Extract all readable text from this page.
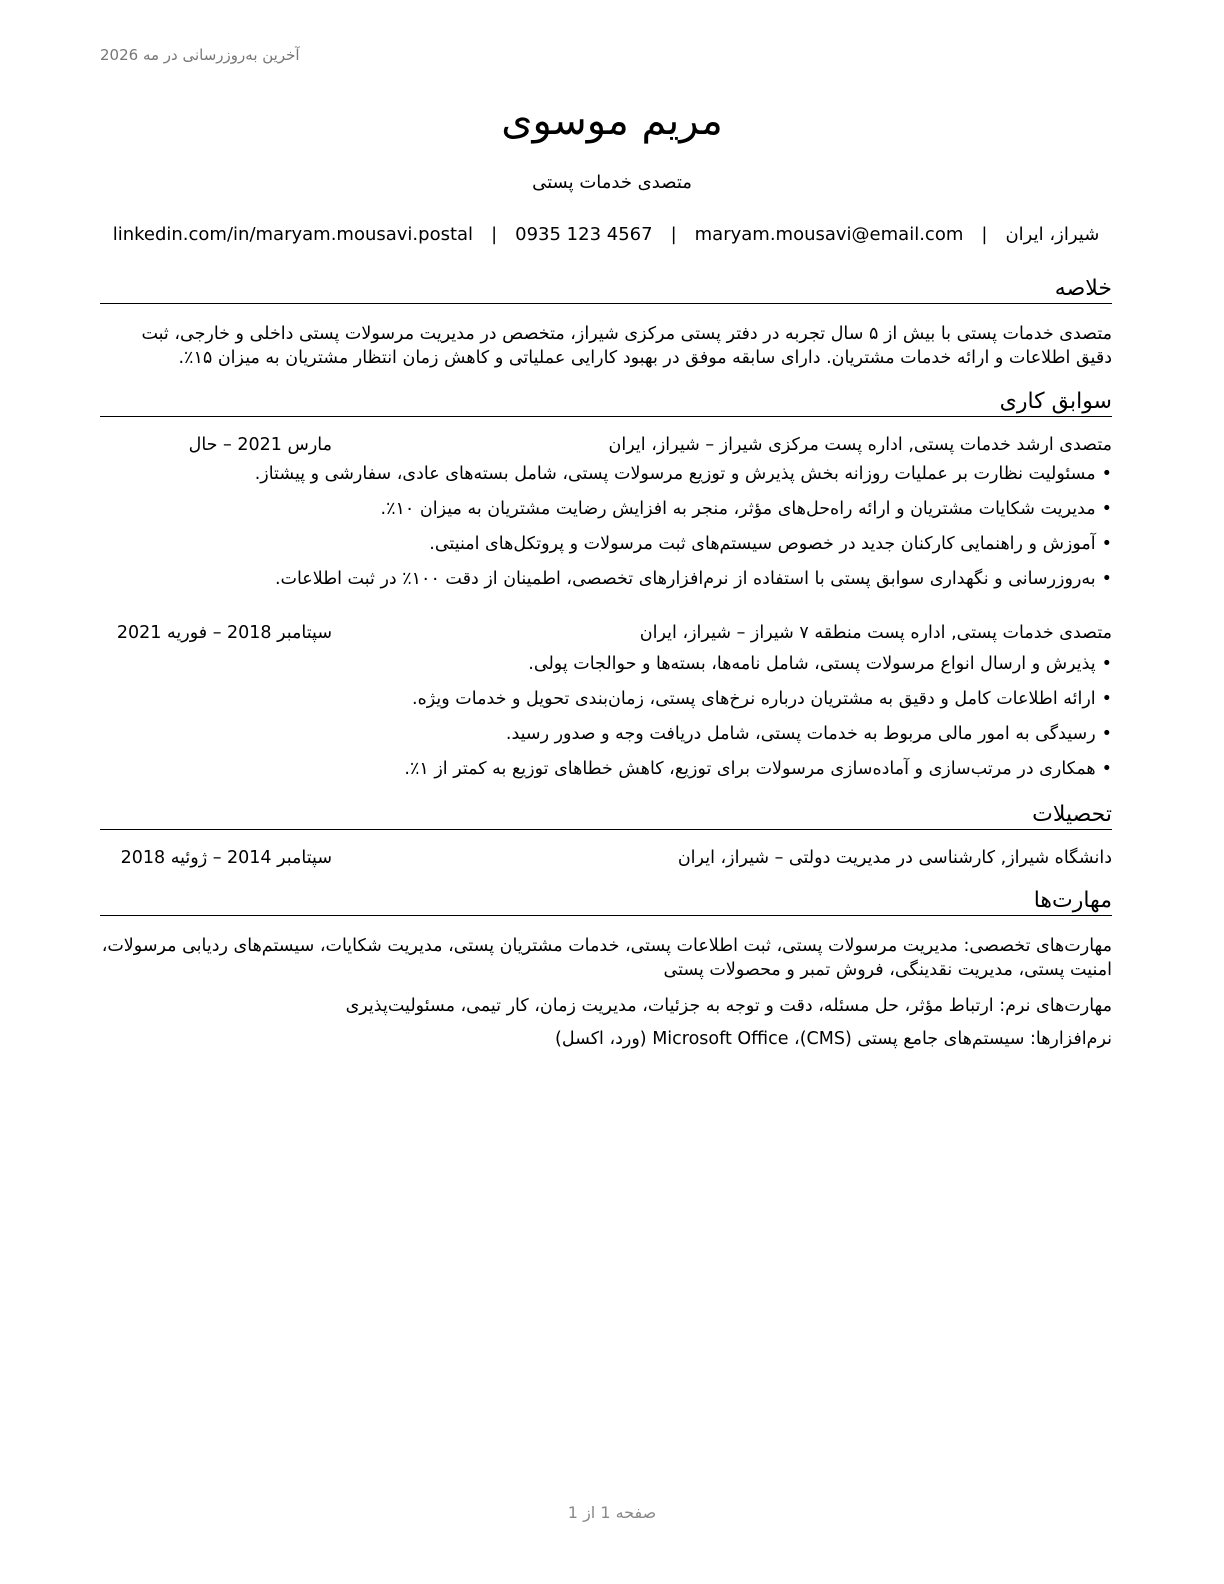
آخرین به‌روزرسانی در مه 2026
مریم موسوی
متصدی خدمات پستی
شیراز، ایران
|
maryam.mousavi@email.com
|
0935 123 4567
|
linkedin.com/in/maryam.mousavi.postal
خلاصه
متصدی خدمات پستی با بیش از ۵ سال تجربه در دفتر پستی مرکزی شیراز، متخصص در مدیریت مرسولات پستی داخلی و خارجی، ثبت دقیق اطلاعات و ارائه خدمات مشتریان. دارای سابقه موفق در بهبود کارایی عملیاتی و کاهش زمان انتظار مشتریان به میزان ۱۵٪.
سوابق کاری
متصدی ارشد خدمات پستی, اداره پست مرکزی شیراز – شیراز، ایران
مارس 2021 – حال
•مسئولیت نظارت بر عملیات روزانه بخش پذیرش و توزیع مرسولات پستی، شامل بسته‌های عادی، سفارشی و پیشتاز.
•مدیریت شکایات مشتریان و ارائه راه‌حل‌های مؤثر، منجر به افزایش رضایت مشتریان به میزان ۱۰٪.
•آموزش و راهنمایی کارکنان جدید در خصوص سیستم‌های ثبت مرسولات و پروتکل‌های امنیتی.
•به‌روزرسانی و نگهداری سوابق پستی با استفاده از نرم‌افزارهای تخصصی، اطمینان از دقت ۱۰۰٪ در ثبت اطلاعات.
متصدی خدمات پستی, اداره پست منطقه ۷ شیراز – شیراز، ایران
سپتامبر 2018 – فوریه 2021
•پذیرش و ارسال انواع مرسولات پستی، شامل نامه‌ها، بسته‌ها و حوالجات پولی.
•ارائه اطلاعات کامل و دقیق به مشتریان درباره نرخ‌های پستی، زمان‌بندی تحویل و خدمات ویژه.
•رسیدگی به امور مالی مربوط به خدمات پستی، شامل دریافت وجه و صدور رسید.
•همکاری در مرتب‌سازی و آماده‌سازی مرسولات برای توزیع، کاهش خطاهای توزیع به کمتر از ۱٪.
تحصیلات
دانشگاه شیراز, کارشناسی در مدیریت دولتی – شیراز، ایران
سپتامبر 2014 – ژوئیه 2018
مهارت‌ها
مهارت‌های تخصصی: مدیریت مرسولات پستی، ثبت اطلاعات پستی، خدمات مشتریان پستی، مدیریت شکایات، سیستم‌های ردیابی مرسولات، امنیت پستی، مدیریت نقدینگی، فروش تمبر و محصولات پستی
مهارت‌های نرم: ارتباط مؤثر، حل مسئله، دقت و توجه به جزئیات، مدیریت زمان، کار تیمی، مسئولیت‌پذیری
نرم‌افزارها: سیستم‌های جامع پستی (CMS)، Microsoft Office (ورد، اکسل)
صفحه 1 از 1
